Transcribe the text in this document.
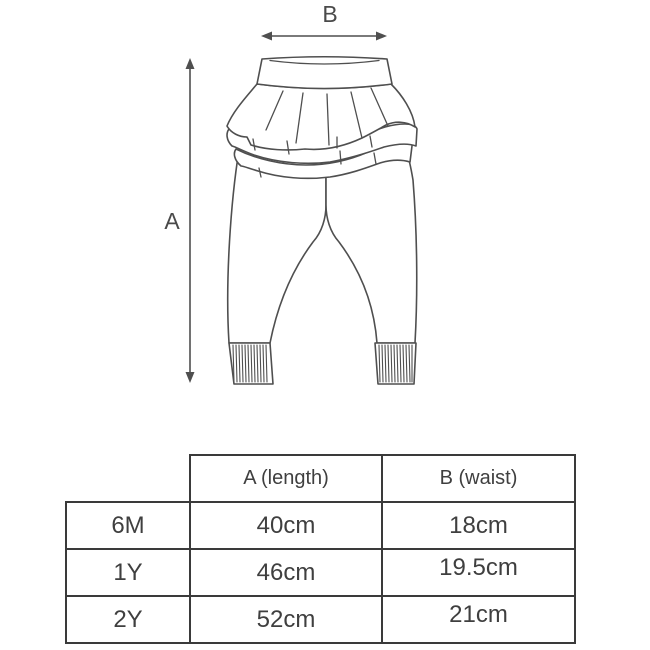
B
A
	A (length)	B (waist)
6M	40cm	18cm
1Y	46cm	19.5cm
2Y	52cm	21cm
